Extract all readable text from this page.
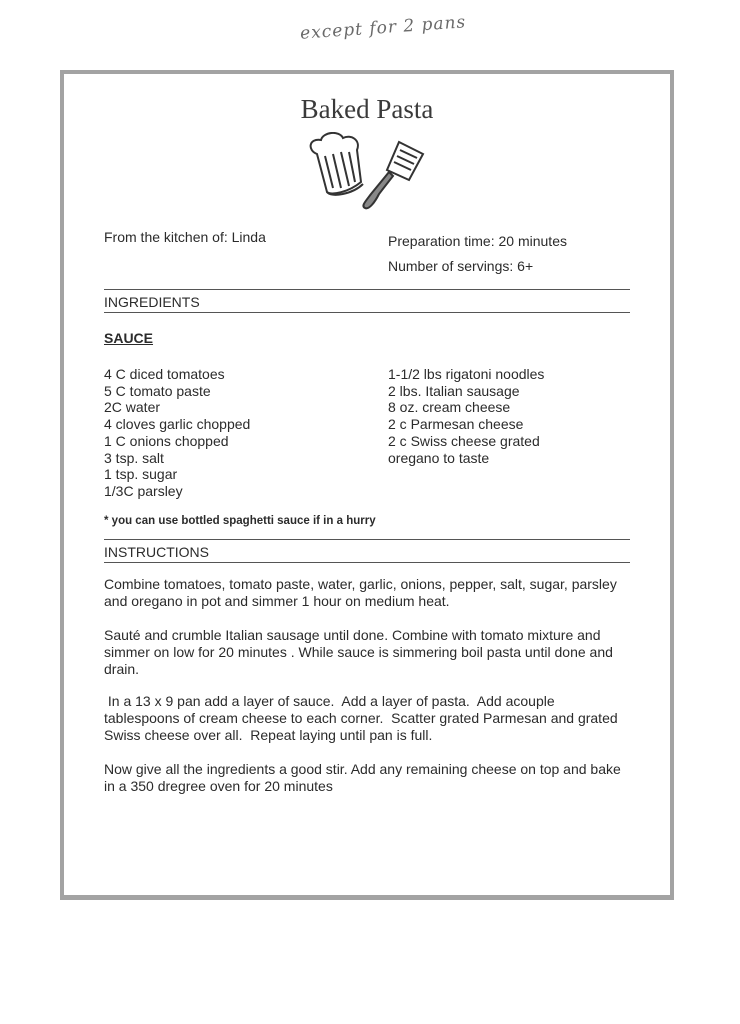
except for 2 pans
Baked Pasta
From the kitchen of: Linda	Preparation time: 20 minutes
Number of servings: 6+
INGREDIENTS
SAUCE
4 C diced tomatoes
5 C tomato paste
2C water
4 cloves garlic chopped
1 C onions chopped
3 tsp. salt
1 tsp. sugar
1/3C parsley
1-1/2 lbs rigatoni noodles
2 lbs. Italian sausage
8 oz. cream cheese
2 c Parmesan cheese
2 c Swiss cheese grated
oregano to taste
* you can use bottled spaghetti sauce if in a hurry
INSTRUCTIONS

Combine tomatoes, tomato paste, water, garlic, onions, pepper, salt, sugar, parsley and oregano in pot and simmer 1 hour on medium heat.

Sauté and crumble Italian sausage until done. Combine with tomato mixture and simmer on low for 20 minutes . While sauce is simmering boil pasta until done and drain.

In a 13 x 9 pan add a layer of sauce.  Add a layer of pasta.  Add acouple tablespoons of cream cheese to each corner.  Scatter grated Parmesan and grated Swiss cheese over all.  Repeat laying until pan is full.

Now give all the ingredients a good stir. Add any remaining cheese on top and bake in a 350 dregree oven for 20 minutes
